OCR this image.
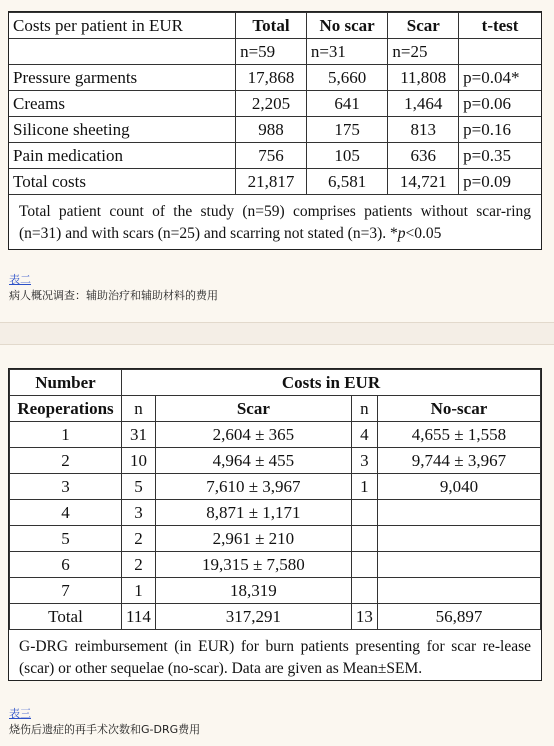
Costs per patient in EUR	Total	No scar	Scar	t-test
	n=59	n=31	n=25	
Pressure garments	17,868	5,660	11,808	p=0.04*
Creams	2,205	641	1,464	p=0.06
Silicone sheeting	988	175	813	p=0.16
Pain medication	756	105	636	p=0.35
Total costs	21,817	6,581	14,721	p=0.09
Total patient count of the study (n=59) comprises patients without scar-ring (n=31) and with scars (n=25) and scarring not stated (n=3). *p<0.05
表二
病人概况调查：辅助治疗和辅助材料的费用
Number	Costs in EUR			
Reoperations	n	Scar	n	No-scar
1	31	2,604 ± 365	4	4,655 ± 1,558
2	10	4,964 ± 455	3	9,744 ± 3,967
3	5	7,610 ± 3,967	1	9,040
4	3	8,871 ± 1,171		
5	2	2,961 ± 210		
6	2	19,315 ± 7,580		
7	1	18,319		
Total	114	317,291	13	56,897
G-DRG reimbursement (in EUR) for burn patients presenting for scar re-lease (scar) or other sequelae (no-scar). Data are given as Mean±SEM.
表三
烧伤后遗症的再手术次数和G-DRG费用
